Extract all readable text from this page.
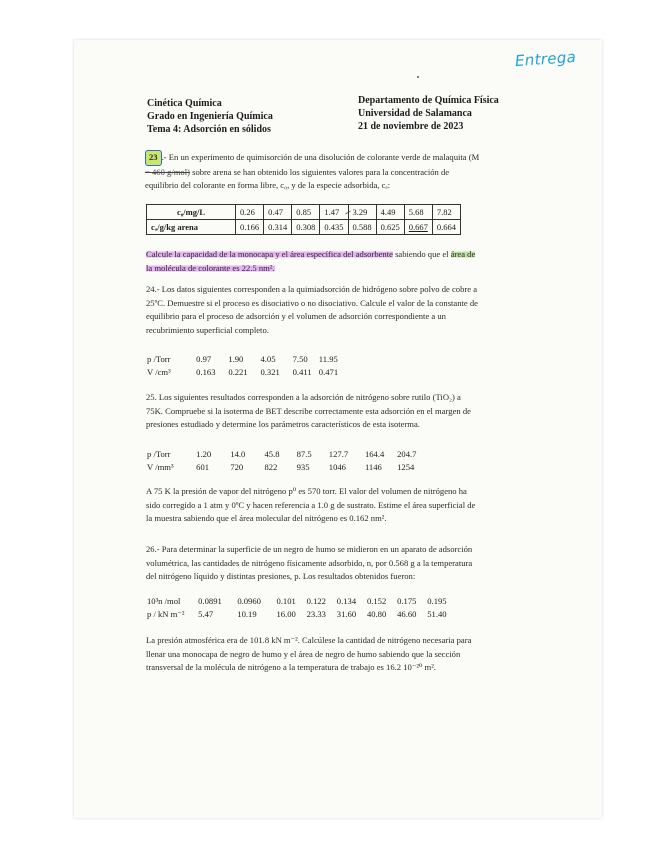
Entrega
Cinética Química
Grado en Ingeniería Química
Tema 4: Adsorción en sólidos
Departamento de Química Física
Universidad de Salamanca
21 de noviembre de 2023
23 .- En un experimento de quimisorción de una disolución de colorante verde de malaquita (M
= 460 g/mol) sobre arena se han obtenido los siguientes valores para la concentración de
equilibrio del colorante en forma libre, c₀, y de la especie adsorbida, cₐ:
c₀/mg/L	0.26	0.47	0.85	1.47	3.29	4.49	5.68	7.82
cₐ/g/kg arena	0.166	0.314	0.308	0.435	0.588	0.625	0.667	0.664
Calcule la capacidad de la monocapa y el área específica del adsorbente sabiendo que el área de
la molécula de colorante es 22.5 nm².
24.- Los datos siguientes corresponden a la quimiadsorción de hidrógeno sobre polvo de cobre a
25ºC. Demuestre si el proceso es disociativo o no disociativo. Calcule el valor de la constante de
equilibrio para el proceso de adsorción y el volumen de adsorción correspondiente a un
recubrimiento superficial completo.
p /Torr	0.97 1.90 4.05 7.50 11.95
V /cm³	0.163 0.221 0.321 0.411 0.471
25. Los siguientes resultados corresponden a la adsorción de nitrógeno sobre rutilo (TiO₂) a
75K. Compruebe si la isoterma de BET describe correctamente esta adsorción en el margen de
presiones estudiado y determine los parámetros característicos de esta isoterma.
p /Torr	1.20 14.0 45.8 87.5 127.7 164.4 204.7
V /mm³	601 720 822 935 1046 1146 1254
A 75 K la presión de vapor del nitrógeno p⁰ es 570 torr. El valor del volumen de nitrógeno ha
sido corregido a 1 atm y 0ºC y hacen referencia a 1.0 g de sustrato. Estime el área superficial de
la muestra sabiendo que el área molecular del nitrógeno es 0.162 nm².
26.- Para determinar la superficie de un negro de humo se midieron en un aparato de adsorción
volumétrica, las cantidades de nitrógeno físicamente adsorbido, n, por 0.568 g a la temperatura
del nitrógeno líquido y distintas presiones, p. Los resultados obtenidos fueron:
10³n /mol 0.0891 0.0960 0.101 0.122 0.134 0.152 0.175 0.195
p / kN m⁻² 5.47	10.19 16.00 23.33 31.60 40.80 46.60 51.40
La presión atmosférica era de 101.8 kN m⁻². Calcúlese la cantidad de nitrógeno necesaria para
llenar una monocapa de negro de humo y el área de negro de humo sabiendo que la sección
transversal de la molécula de nitrógeno a la temperatura de trabajo es 16.2 10⁻²⁰ m².
